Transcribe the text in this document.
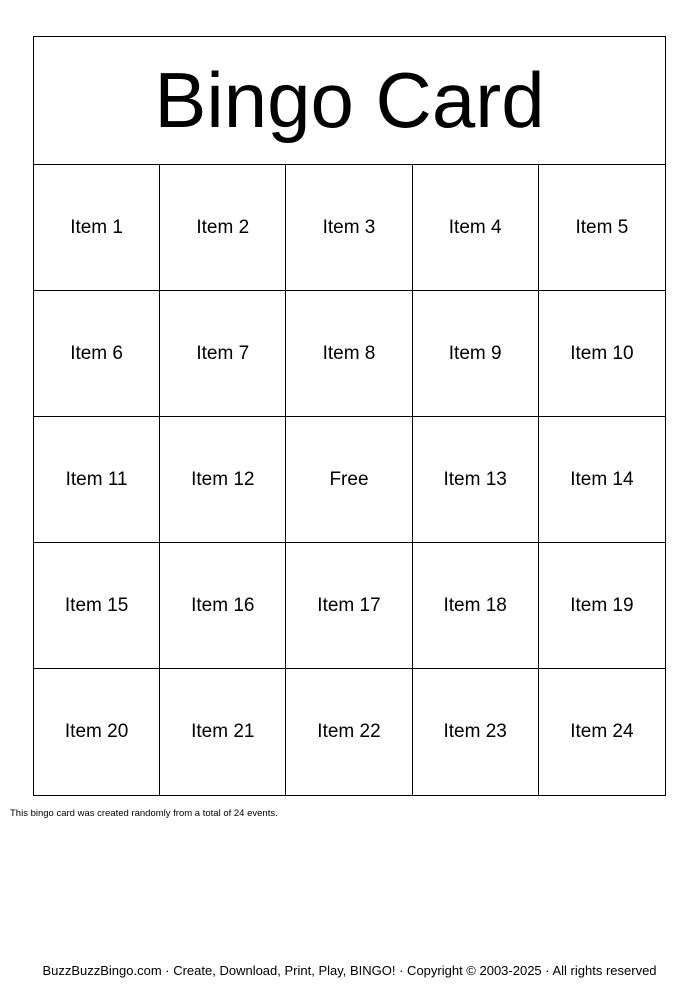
Bingo Card
Item 1	Item 2	Item 3	Item 4	Item 5
Item 6	Item 7	Item 8	Item 9	Item 10
Item 11	Item 12	Free	Item 13	Item 14
Item 15	Item 16	Item 17	Item 18	Item 19
Item 20	Item 21	Item 22	Item 23	Item 24
This bingo card was created randomly from a total of 24 events.
BuzzBuzzBingo.com · Create, Download, Print, Play, BINGO! · Copyright © 2003-2025 · All rights reserved
